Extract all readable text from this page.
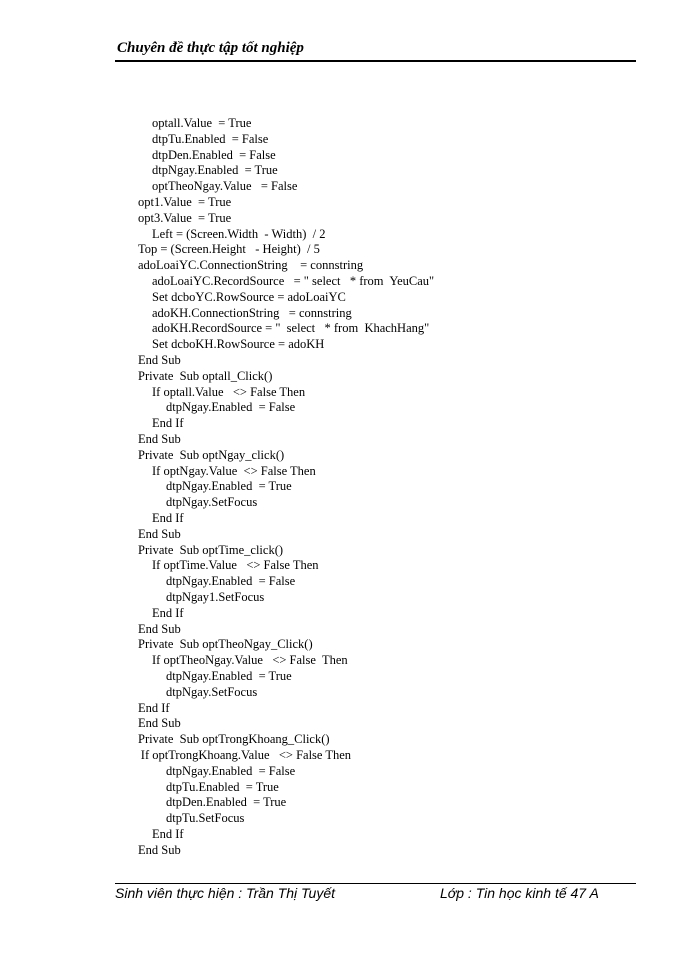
Chuyên đề thực tập tốt nghiệp
optall.Value  = True
dtpTu.Enabled  = False
dtpDen.Enabled  = False
dtpNgay.Enabled  = True
optTheoNgay.Value   = False
opt1.Value  = True
opt3.Value  = True
Left = (Screen.Width  - Width)  / 2
Top = (Screen.Height   - Height)  / 5
adoLoaiYC.ConnectionString    = connstring
adoLoaiYC.RecordSource   = " select   * from  YeuCau"
Set dcboYC.RowSource = adoLoaiYC
adoKH.ConnectionString   = connstring
adoKH.RecordSource = "  select   * from  KhachHang"
Set dcboKH.RowSource = adoKH
End Sub
Private  Sub optall_Click()
If optall.Value   <> False Then
dtpNgay.Enabled  = False
End If
End Sub
Private  Sub optNgay_click()
If optNgay.Value  <> False Then
dtpNgay.Enabled  = True
dtpNgay.SetFocus
End If
End Sub
Private  Sub optTime_click()
If optTime.Value   <> False Then
dtpNgay.Enabled  = False
dtpNgay1.SetFocus
End If
End Sub
Private  Sub optTheoNgay_Click()
If optTheoNgay.Value   <> False  Then
dtpNgay.Enabled  = True
dtpNgay.SetFocus
End If
End Sub
Private  Sub optTrongKhoang_Click()
If optTrongKhoang.Value   <> False Then
dtpNgay.Enabled  = False
dtpTu.Enabled  = True
dtpDen.Enabled  = True
dtpTu.SetFocus
End If
End Sub
Sinh viên thực hiện : Trần Thị Tuyết	Lớp : Tin học kinh tế 47 A
